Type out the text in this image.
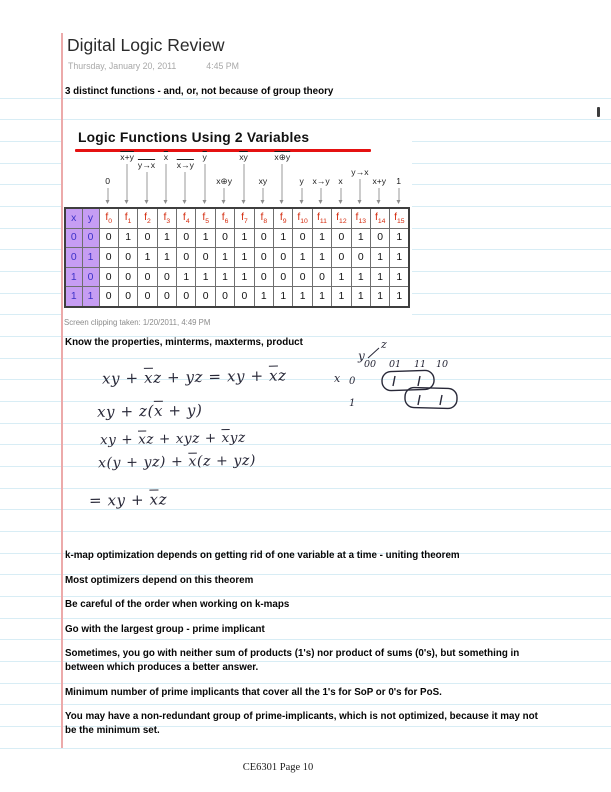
Digital Logic Review
Thursday, January 20, 2011	4:45 PM
3 distinct functions - and, or, not because of group theory
Logic Functions Using 2 Variables
0
x+y
y→x
$\overline{x}$
x→y
$\overline{y}$
x⊕y
$\overline{xy}$
xy
x⊕y
y x→y x
y→x
x+y 1
x	y	$f_0$	$f_1$	$f_2$	$f_3$	$f_4$	$f_5$	$f_6$	$f_7$	$f_8$	$f_9$	$f_{10}$	$f_{11}$	$f_{12}$	$f_{13}$	$f_{14}$	$f_{15}$
0	0	0	1	0	1	0	1	0	1	0	1	0	1	0	1	0	1
0	1	0	0	1	1	0	0	1	1	0	0	1	1	0	0	1	1
1	0	0	0	0	0	1	1	1	1	0	0	0	0	1	1	1	1
1	1	0	0	0	0	0	0	0	0	1	1	1	1	1	1	1	1
Screen clipping taken: 1/20/2011, 4:49 PM
Know the properties, minterms, maxterms, product
xy + $\overline{x}z$ + yz = xy + $\overline{x}z$
xy + $z(\overline{x} + y)$
xy + $\overline{x}z$ + xyz + $\overline{x}yz$
$x(y + yz) + \overline{x}(z + yz)$
= xy + $\overline{x}z$
y
z
00 01 11 10
x 0
1

k-map optimization depends on getting rid of one variable at a time - uniting theorem

Most optimizers depend on this theorem

Be careful of the order when working on k-maps

Go with the largest group - prime implicant

Sometimes, you go with neither sum of products (1's) nor product of sums (0's), but something in between which produces a better answer.

Minimum number of prime implicants that cover all the 1's for SoP or 0's for PoS.

You may have a non-redundant group of prime-implicants, which is not optimized, because it may not be the minimum set.

CE6301 Page 10
